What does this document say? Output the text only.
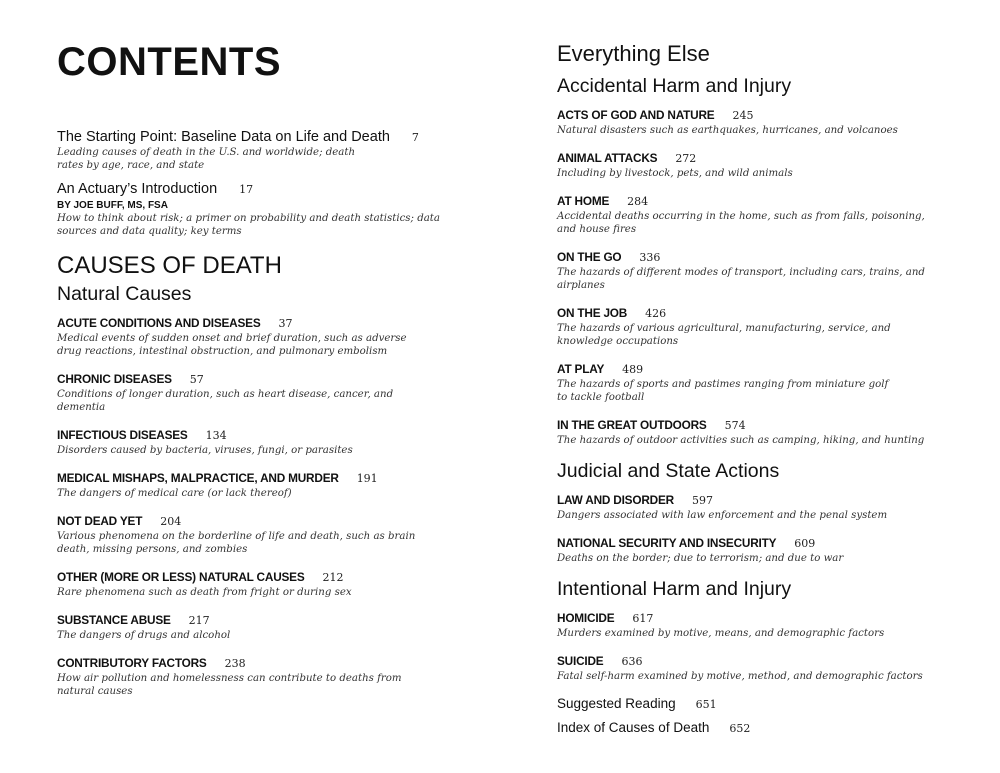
CONTENTS
The Starting Point: Baseline Data on Life and Death 7
Leading causes of death in the U.S. and worldwide; death rates by age, race, and state
An Actuary’s Introduction 17
BY JOE BUFF, MS, FSA
How to think about risk; a primer on probability and death statistics; data sources and data quality; key terms
CAUSES OF DEATH
Natural Causes
ACUTE CONDITIONS AND DISEASES 37
Medical events of sudden onset and brief duration, such as adverse drug reactions, intestinal obstruction, and pulmonary embolism
CHRONIC DISEASES 57
Conditions of longer duration, such as heart disease, cancer, and dementia
INFECTIOUS DISEASES 134
Disorders caused by bacteria, viruses, fungi, or parasites
MEDICAL MISHAPS, MALPRACTICE, AND MURDER 191
The dangers of medical care (or lack thereof)
NOT DEAD YET 204
Various phenomena on the borderline of life and death, such as brain death, missing persons, and zombies
OTHER (MORE OR LESS) NATURAL CAUSES 212
Rare phenomena such as death from fright or during sex
SUBSTANCE ABUSE 217
The dangers of drugs and alcohol
CONTRIBUTORY FACTORS 238
How air pollution and homelessness can contribute to deaths from natural causes
Everything Else
Accidental Harm and Injury
ACTS OF GOD AND NATURE 245
Natural disasters such as earthquakes, hurricanes, and volcanoes
ANIMAL ATTACKS 272
Including by livestock, pets, and wild animals
AT HOME 284
Accidental deaths occurring in the home, such as from falls, poisoning, and house fires
ON THE GO 336
The hazards of different modes of transport, including cars, trains, and airplanes
ON THE JOB 426
The hazards of various agricultural, manufacturing, service, and knowledge occupations
AT PLAY 489
The hazards of sports and pastimes ranging from miniature golf to tackle football
IN THE GREAT OUTDOORS 574
The hazards of outdoor activities such as camping, hiking, and hunting
Judicial and State Actions
LAW AND DISORDER 597
Dangers associated with law enforcement and the penal system
NATIONAL SECURITY AND INSECURITY 609
Deaths on the border; due to terrorism; and due to war
Intentional Harm and Injury
HOMICIDE 617
Murders examined by motive, means, and demographic factors
SUICIDE 636
Fatal self-harm examined by motive, method, and demographic factors
Suggested Reading 651
Index of Causes of Death 652
